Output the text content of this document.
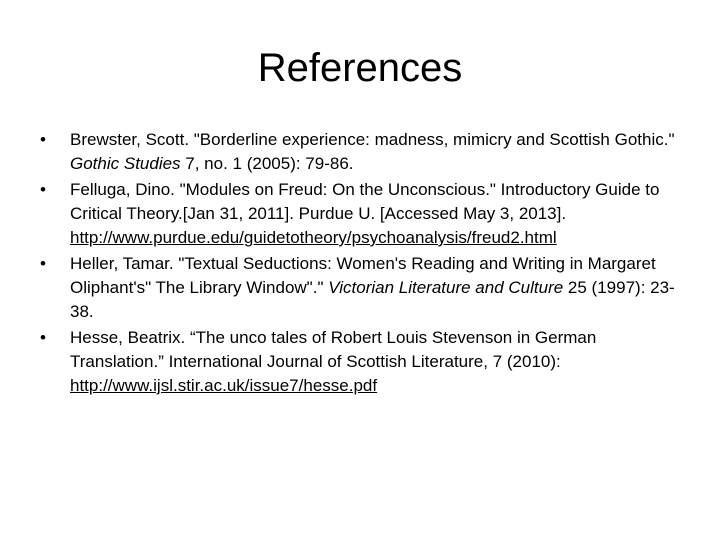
References
•	Brewster, Scott. "Borderline experience: madness, mimicry and Scottish Gothic." Gothic Studies 7, no. 1 (2005): 79-86.
•	Felluga, Dino. "Modules on Freud: On the Unconscious." Introductory Guide to Critical Theory.[Jan 31, 2011]. Purdue U. [Accessed May 3, 2013]. http://www.purdue.edu/guidetotheory/psychoanalysis/freud2.html
•	Heller, Tamar. "Textual Seductions: Women's Reading and Writing in Margaret Oliphant's" The Library Window"." Victorian Literature and Culture 25 (1997): 23-38.
•	Hesse, Beatrix. “The unco tales of Robert Louis Stevenson in German Translation.” International Journal of Scottish Literature, 7 (2010): http://www.ijsl.stir.ac.uk/issue7/hesse.pdf
